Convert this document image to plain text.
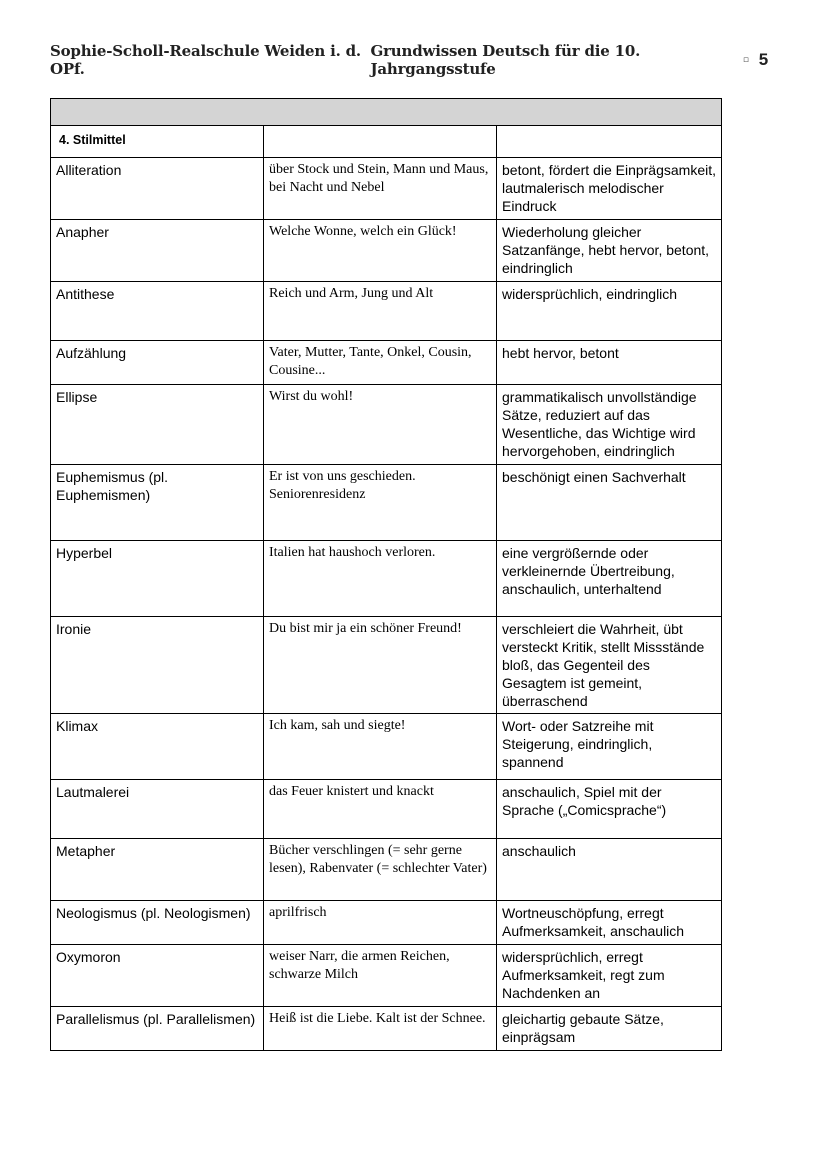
Sophie-Scholl-Realschule Weiden i. d. OPf.
Grundwissen Deutsch für die 10. Jahrgangsstufe	▫ 5

4. Stilmittel		
Alliteration	über Stock und Stein, Mann und Maus, bei Nacht und Nebel	betont, fördert die Einprägsamkeit, lautmalerisch melodischer Eindruck
Anapher	Welche Wonne, welch ein Glück!	Wiederholung gleicher Satzanfänge, hebt hervor, betont, eindringlich
Antithese	Reich und Arm, Jung und Alt	widersprüchlich, eindringlich
Aufzählung	Vater, Mutter, Tante, Onkel, Cousin, Cousine...	hebt hervor, betont
Ellipse	Wirst du wohl!	grammatikalisch unvollständige Sätze, reduziert auf das Wesentliche, das Wichtige wird hervorgehoben, eindringlich
Euphemismus (pl. Euphemismen)	Er ist von uns geschieden. Seniorenresidenz	beschönigt einen Sachverhalt
Hyperbel	Italien hat haushoch verloren.	eine vergrößernde oder verkleinernde Übertreibung, anschaulich, unterhaltend
Ironie	Du bist mir ja ein schöner Freund!	verschleiert die Wahrheit, übt versteckt Kritik, stellt Missstände bloß, das Gegenteil des Gesagtem ist gemeint, überraschend
Klimax	Ich kam, sah und siegte!	Wort- oder Satzreihe mit Steigerung, eindringlich, spannend
Lautmalerei	das Feuer knistert und knackt	anschaulich, Spiel mit der Sprache („Comicsprache“)
Metapher	Bücher verschlingen (= sehr gerne lesen), Rabenvater (= schlechter Vater)	anschaulich
Neologismus (pl. Neologismen)	aprilfrisch	Wortneuschöpfung, erregt Aufmerksamkeit, anschaulich
Oxymoron	weiser Narr, die armen Reichen, schwarze Milch	widersprüchlich, erregt Aufmerksamkeit, regt zum Nachdenken an
Parallelismus (pl. Parallelismen)	Heiß ist die Liebe. Kalt ist der Schnee.	gleichartig gebaute Sätze, einprägsam
